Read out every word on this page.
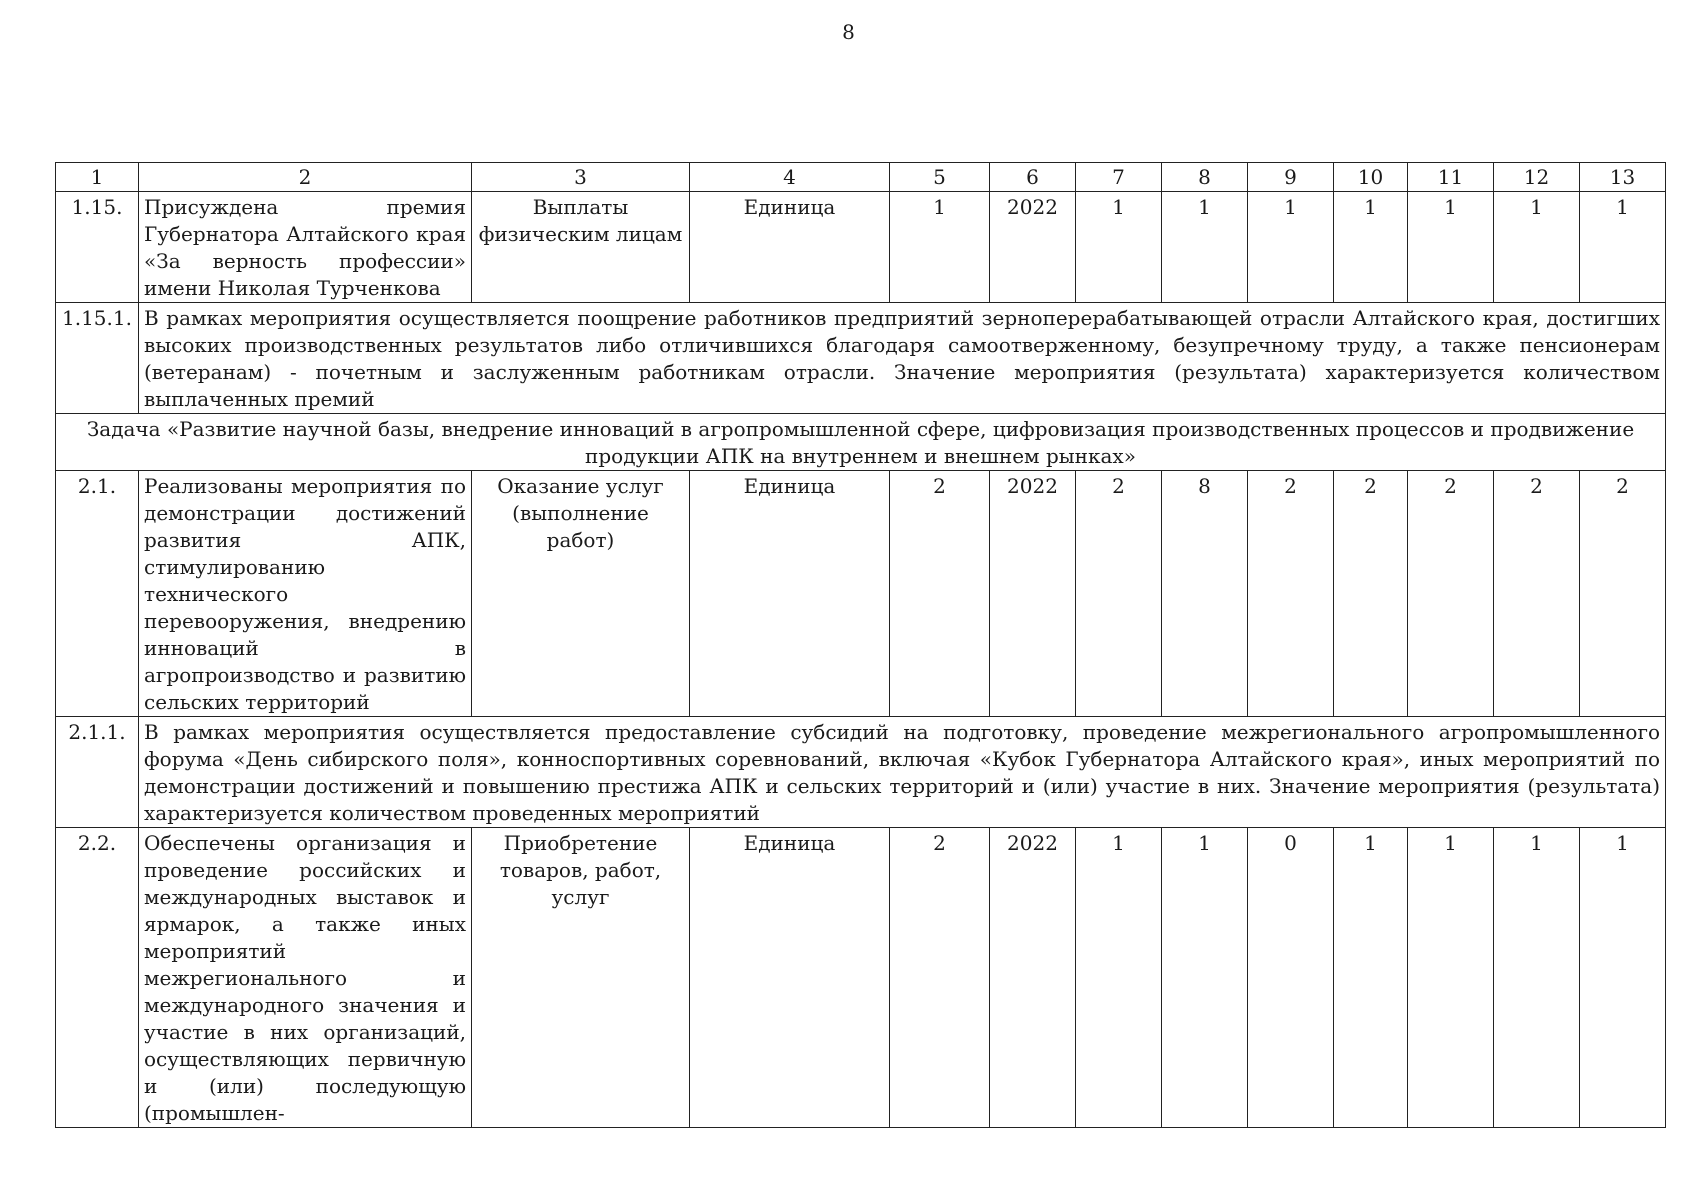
8
1	2	3	4	5	6	7	8	9	10	11	12	13
1.15.	Присуждена премия Губернатора Алтайского края «За верность профессии» имени Николая Турченкова	Выплаты физическим лицам	Единица	1	2022	1	1	1	1	1	1	1
1.15.1.	В рамках мероприятия осуществляется поощрение работников предприятий зерноперерабатывающей отрасли Алтайского края, достигших высоких производственных результатов либо отличившихся благодаря самоотверженному, безупречному труду, а также пенсионерам (ветеранам) - почетным и заслуженным работникам отрасли. Значение мероприятия (результата) характеризуется количеством выплаченных премий											
Задача «Развитие научной базы, внедрение инноваций в агропромышленной сфере, цифровизация производственных процессов и продвижение продукции АПК на внутреннем и внешнем рынках»												
2.1.	Реализованы мероприятия по демонстрации достижений развития АПК, стимулированию технического перевооружения, внедрению инноваций в агропроизводство и развитию сельских территорий	Оказание услуг (выполнение работ)	Единица	2	2022	2	8	2	2	2	2	2
2.1.1.	В рамках мероприятия осуществляется предоставление субсидий на подготовку, проведение межрегионального агропромышленного форума «День сибирского поля», конноспортивных соревнований, включая «Кубок Губернатора Алтайского края», иных мероприятий по демонстрации достижений и повышению престижа АПК и сельских территорий и (или) участие в них. Значение мероприятия (результата) характеризуется количеством проведенных мероприятий											
2.2.	Обеспечены организация и проведение российских и международных выставок и ярмарок, а также иных мероприятий межрегионального и международного значения и участие в них организаций, осуществляющих первичную и (или) последующую (промышлен-	Приобретение товаров, работ, услуг	Единица	2	2022	1	1	0	1	1	1	1
